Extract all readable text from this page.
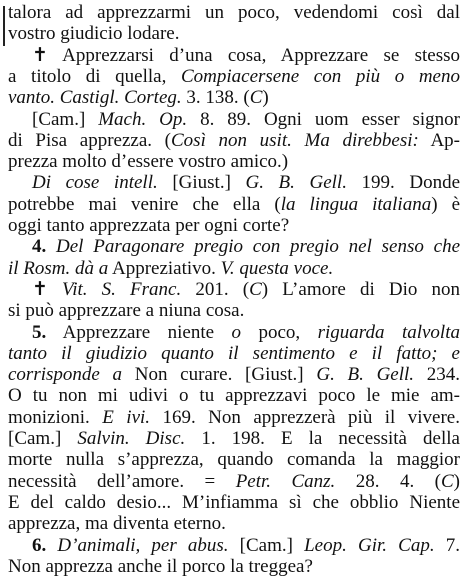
talora ad apprezzarmi un poco, vedendomi così dal
vostro giudicio lodare.
✝ Apprezzarsi d’una cosa, Apprezzare se stesso
a titolo di quella, Compiacersene con più o meno
vanto. Castigl. Corteg. 3. 138. (C)
[Cam.] Mach. Op. 8. 89. Ogni uom esser signor
di Pisa apprezza. (Così non usit. Ma direbbesi: Ap-
prezza molto d’essere vostro amico.)
Di cose intell. [Giust.] G. B. Gell. 199. Donde
potrebbe mai venire che ella (la lingua italiana) è
oggi tanto apprezzata per ogni corte?
4. Del Paragonare pregio con pregio nel senso che
il Rosm. dà a Appreziativo. V. questa voce.
✝ Vit. S. Franc. 201. (C) L’amore di Dio non
si può apprezzare a niuna cosa.
5. Apprezzare niente o poco, riguarda talvolta
tanto il giudizio quanto il sentimento e il fatto; e
corrisponde a Non curare. [Giust.] G. B. Gell. 234.
O tu non mi udivi o tu apprezzavi poco le mie am-
monizioni. E ivi. 169. Non apprezzerà più il vivere.
[Cam.] Salvin. Disc. 1. 198. E la necessità della
morte nulla s’apprezza, quando comanda la maggior
necessità dell’amore. = Petr. Canz. 28. 4. (C)
E del caldo desio... M’infiamma sì che obblio Niente
apprezza, ma diventa eterno.
6. D’animali, per abus. [Cam.] Leop. Gir. Cap. 7.
Non apprezza anche il porco la treggea?
